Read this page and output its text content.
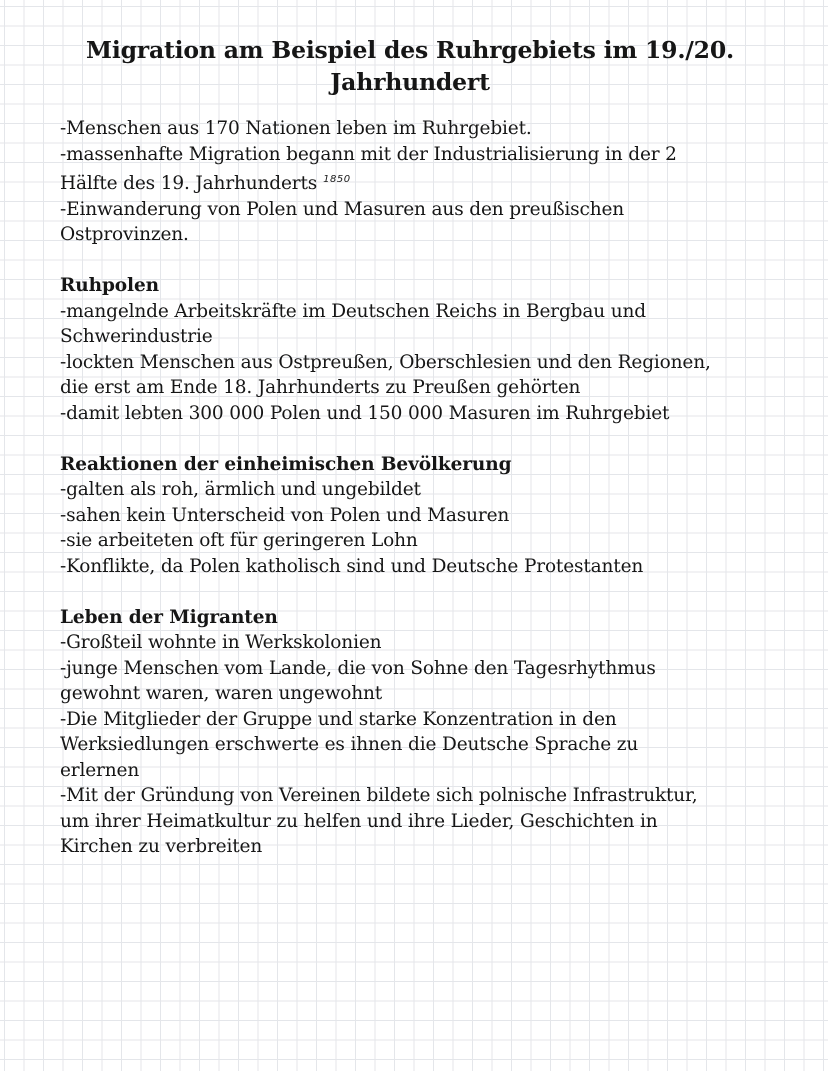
Migration am Beispiel des Ruhrgebiets im 19./20. Jahrhundert
-Menschen aus 170 Nationen leben im Ruhrgebiet.
-massenhafte Migration begann mit der Industrialisierung in der 2
Hälfte des 19. Jahrhunderts $^{1850}$
-Einwanderung von Polen und Masuren aus den preußischen
Ostprovinzen.
Ruhpolen
-mangelnde Arbeitskräfte im Deutschen Reichs in Bergbau und
Schwerindustrie
-lockten Menschen aus Ostpreußen, Oberschlesien und den Regionen,
die erst am Ende 18. Jahrhunderts zu Preußen gehörten
-damit lebten 300 000 Polen und 150 000 Masuren im Ruhrgebiet
Reaktionen der einheimischen Bevölkerung
-galten als roh, ärmlich und ungebildet
-sahen kein Unterscheid von Polen und Masuren
-sie arbeiteten oft für geringeren Lohn
-Konflikte, da Polen katholisch sind und Deutsche Protestanten
Leben der Migranten
-Großteil wohnte in Werkskolonien
-junge Menschen vom Lande, die von Sohne den Tagesrhythmus
gewohnt waren, waren ungewohnt
-Die Mitglieder der Gruppe und starke Konzentration in den
Werksiedlungen erschwerte es ihnen die Deutsche Sprache zu
erlernen
-Mit der Gründung von Vereinen bildete sich polnische Infrastruktur,
um ihrer Heimatkultur zu helfen und ihre Lieder, Geschichten in
Kirchen zu verbreiten
